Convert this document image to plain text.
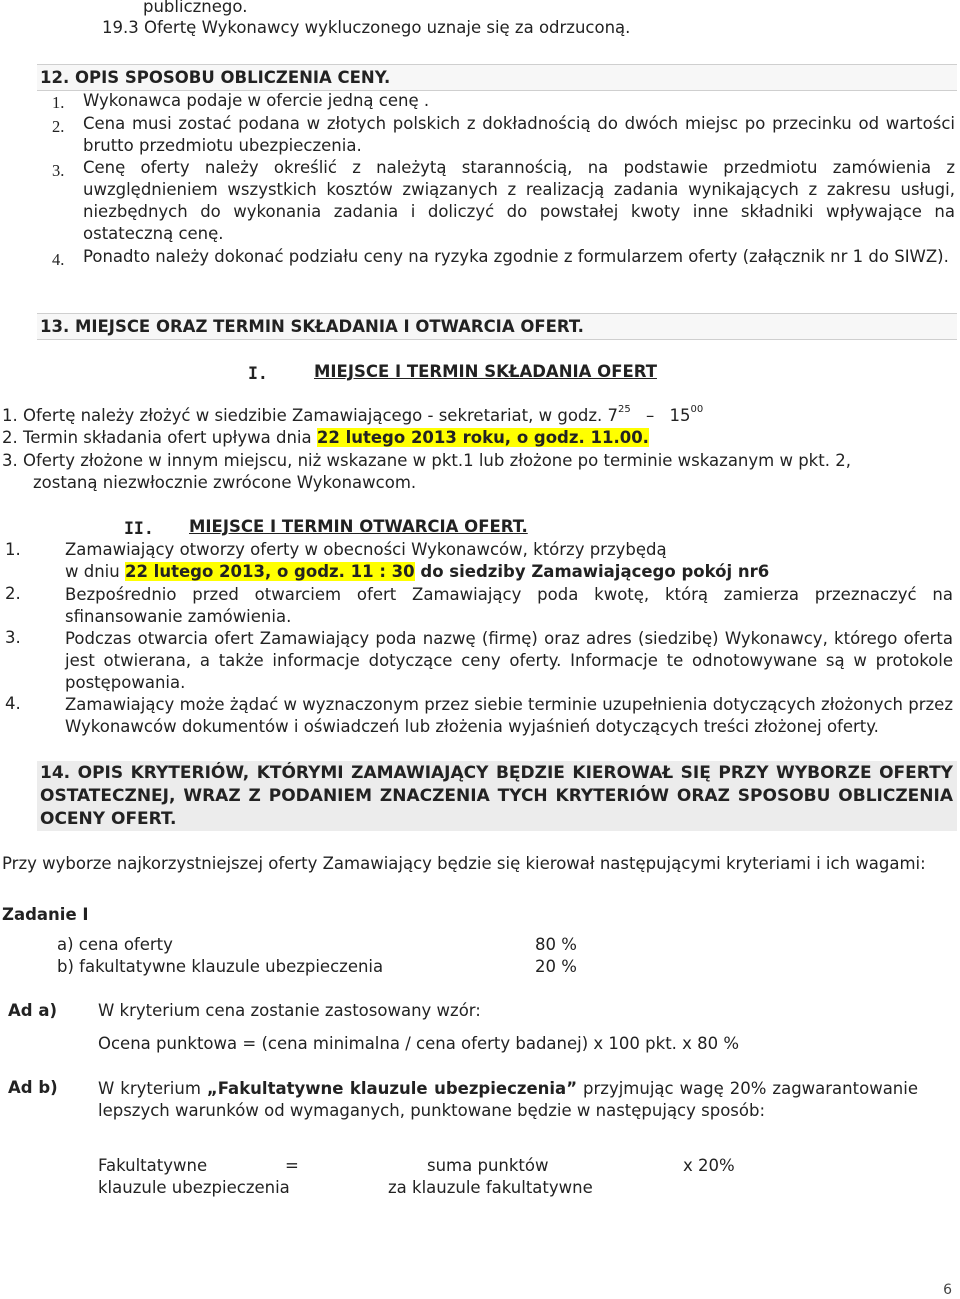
publicznego.
19.3 Ofertę Wykonawcy wykluczonego uznaje się za odrzuconą.
12. OPIS SPOSOBU OBLICZENIA CENY.
1. Wykonawca podaje w ofercie jedną cenę .
2. Cena musi zostać podana w złotych polskich z dokładnością do dwóch miejsc po przecinku od wartości brutto przedmiotu ubezpieczenia.
3. Cenę oferty należy określić z należytą starannością, na podstawie przedmiotu zamówienia z uwzględnieniem wszystkich kosztów związanych z realizacją zadania wynikających z zakresu usługi, niezbędnych do wykonania zadania i doliczyć do powstałej kwoty inne składniki wpływające na ostateczną cenę.
4. Ponadto należy dokonać podziału ceny na ryzyka zgodnie z formularzem oferty (załącznik nr 1 do SIWZ).
13. MIEJSCE ORAZ TERMIN SKŁADANIA I OTWARCIA OFERT.
I.	MIEJSCE I TERMIN SKŁADANIA OFERT
1. Ofertę należy złożyć w siedzibie Zamawiającego - sekretariat, w godz. $7^{25} - 15^{00}$
2. Termin składania ofert upływa dnia 22 lutego 2013 roku, o godz. 11.00.
3. Oferty złożone w innym miejscu, niż wskazane w pkt.1 lub złożone po terminie wskazanym w pkt. 2,
zostaną niezwłocznie zwrócone Wykonawcom.
II. MIEJSCE I TERMIN OTWARCIA OFERT.
1.	Zamawiający otworzy oferty w obecności Wykonawców, którzy przybędą
w dniu 22 lutego 2013, o godz. 11 : 30 do siedziby Zamawiającego pokój nr6
2.	Bezpośrednio przed otwarciem ofert Zamawiający poda kwotę, którą zamierza przeznaczyć na sfinansowanie zamówienia.
3.	Podczas otwarcia ofert Zamawiający poda nazwę (firmę) oraz adres (siedzibę) Wykonawcy, którego oferta jest otwierana, a także informacje dotyczące ceny oferty. Informacje te odnotowywane są w protokole postępowania.
4.	Zamawiający może żądać w wyznaczonym przez siebie terminie uzupełnienia dotyczących złożonych przez Wykonawców dokumentów i oświadczeń lub złożenia wyjaśnień dotyczących treści złożonej oferty.
14. OPIS KRYTERIÓW, KTÓRYMI ZAMAWIAJĄCY BĘDZIE KIEROWAŁ SIĘ PRZY WYBORZE OFERTY OSTATECZNEJ, WRAZ Z PODANIEM ZNACZENIA TYCH KRYTERIÓW ORAZ SPOSOBU OBLICZENIA OCENY OFERT.
Przy wyborze najkorzystniejszej oferty Zamawiający będzie się kierował następującymi kryteriami i ich wagami:
Zadanie I
a) cena oferty	80 %
b) fakultatywne klauzule ubezpieczenia	20 %
Ad a) W kryterium cena zostanie zastosowany wzór:
Ocena punktowa = (cena minimalna / cena oferty badanej) x 100 pkt. x 80 %
Ad b) W kryterium „Fakultatywne klauzule ubezpieczenia” przyjmując wagę 20% zagwarantowanie lepszych warunków od wymaganych, punktowane będzie w następujący sposób:
Fakultatywne	=	suma punktów	x 20%
klauzule ubezpieczenia	za klauzule fakultatywne
6
